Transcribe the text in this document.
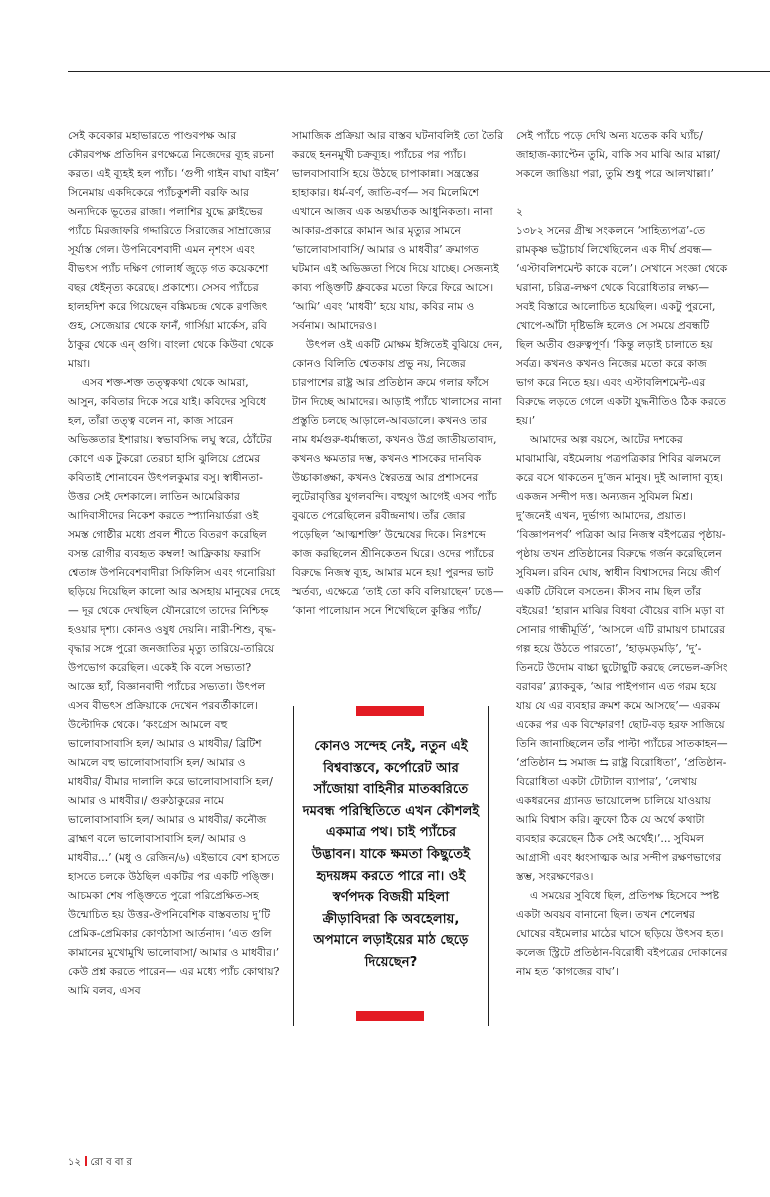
সেই কবেকার মহাভারতে পাণ্ডবপক্ষ আর কৌরবপক্ষ প্রতিদিন রণক্ষেত্রে নিজেদের ব্যূহ রচনা করত। এই ব্যূহই হল প্যাঁচ। ‘গুপী গাইন বাঘা বাইন’ সিনেমায় একদিকেরে প্যাঁচকুশলী বরফি আর অন্যদিকে ভূতের রাজা। পলাশির যুদ্ধে ক্লাইভের প্যাঁচে মিরজাফরি গদ্দারিতে সিরাজের সাম্রাজ্যের সূর্যাস্ত গেল। উপনিবেশবাদী এমন নৃশংস এবং বীভৎস প্যাঁচ দক্ষিণ গোলার্ধ জুড়ে গত কয়েকশো বছর ধেইনৃত্য করেছে। প্রকাশ্যে। সেসব প্যাঁচের হালহদিশ করে গিয়েছেন বঙ্কিমচন্দ্র থেকে রণজিৎ গুহ, সেজেয়ার থেকে ফানঁ, গার্সিয়া মার্কেস, রবি ঠাকুর থেকে এন্ গুগি। বাংলা থেকে কিউবা থেকে মায়া।

এসব শক্ত-শক্ত তত্ত্বকথা থেকে আমরা, আসুন, কবিতার দিকে সরে যাই। কবিদের সুবিধে হল, তাঁরা তত্ত্ব বলেন না, কাজ সারেন অভিজ্ঞতার ইশারায়। স্বভাবসিদ্ধ লঘু স্বরে, ঠোঁটের কোণে এক টুকরো তেরচা হাসি ঝুলিয়ে প্রেমের কবিতাই শোনাবেন উৎপলকুমার বসু। স্বাধীনতা-উত্তর সেই দেশকালে। লাতিন আমেরিকার আদিবাসীদের নিকেশ করতে স্প্যানিয়ার্ডরা ওই সমস্ত গোষ্ঠীর মধ্যে প্রবল শীতে বিতরণ করেছিল বসন্ত রোগীর ব্যবহৃত কম্বল! আফ্রিকায় ফরাসি শ্বেতাঙ্গ উপনিবেশবাদীরা সিফিলিস এবং গনোরিয়া ছড়িয়ে দিয়েছিল কালো আর অসহায় মানুষের দেহে— দূর থেকে দেখছিল যৌনরোগে তাদের নিশ্চিহ্ন হওয়ার দৃশ্য। কোনও ওষুধ দেয়নি। নারী-শিশু, বৃদ্ধ-বৃদ্ধার সঙ্গে পুরো জনজাতির মৃত্যু তারিয়ে-তারিয়ে উপভোগ করেছিল। একেই কি বলে সভ্যতা? আজ্ঞে হ্যাঁ, বিজ্ঞানবাদী প্যাঁচের সভ্যতা। উৎপল এসব বীভৎস প্রক্রিয়াকে দেখেন পরবর্তীকালে। উল্টোদিক থেকে। ‘কংগ্রেস আমলে বহু ভালোবাসাবাসি হল/ আমার ও মাধবীর/ ব্রিটিশ আমলে বহু ভালোবাসাবাসি হল/ আমার ও মাধবীর/ বীমার দালালি করে ভালোবাসাবাসি হল/ আমার ও মাধবীর।/ গুরুঠাকুরের নামে ভালোবাসাবাসি হল/ আমার ও মাধবীর/ কনৌজ ব্রাহ্মণ বলে ভালোবাসাবাসি হল/ আমার ও মাধবীর...’ (মধু ও রেজিন/৬) এইভাবে বেশ হাসতে হাসতে চলকে উঠছিল একটির পর একটি পঙ্ক্তি। আচমকা শেষ পঙ্ক্তিতে পুরো পরিপ্রেক্ষিত-সহ উন্মোচিত হয় উত্তর-ঔপনিবেশিক বাস্তবতায় দু’টি প্রেমিক-প্রেমিকার কোণঠাসা আর্তনাদ। ‘এত গুলি কামানের মুখোমুখি ভালোবাসা/ আমার ও মাধবীর।’ কেউ প্রশ্ন করতে পারেন— এর মধ্যে প্যাঁচ কোথায়? আমি বলব, এসব

সামাজিক প্রক্রিয়া আর বাস্তব ঘটনাবলিই তো তৈরি করছে হননমুখী চক্রব্যূহ। প্যাঁচের পর প্যাঁচ। ভালবাসাবাসি হয়ে উঠছে চাপাকান্না। সন্ত্রস্তের হাহাকার। ধর্ম-বর্ণ, জাতি-বর্ণ— সব মিলেমিশে এখানে আজব এক অন্তর্ঘাতক আধুনিকতা। নানা আকার-প্রকারে কামান আর মৃত্যুর সামনে ‘ভালোবাসাবাসি/ আমার ও মাধবীর’ ক্রমাগত ঘটমান এই অভিজ্ঞতা পিষে দিয়ে যাচ্ছে। সেজন্যই কাব্য পঙ্ক্তিটি ধ্রুবকের মতো ফিরে ফিরে আসে। ‘আমি’ এবং ‘মাধবী’ হয়ে যায়, কবির নাম ও সর্বনাম। আমাদেরও।

উৎপল ওই একটি মোক্ষম ইঙ্গিতেই বুঝিয়ে দেন, কোনও বিলিতি শ্বেতকায় প্রভু নয়, নিজের চারপাশের রাষ্ট্র আর প্রতিষ্ঠান ক্রমে গলার ফাঁসে টান দিচ্ছে আমাদের। আড়াই প্যাঁচে খালাসের নানা প্রস্তুতি চলছে আড়ালে-আবডালে। কখনও তার নাম ধর্মগুরু-ধর্মান্ধতা, কখনও উগ্র জাতীয়তাবাদ, কখনও ক্ষমতার দম্ভ, কখনও শাসকের দানবিক উচ্চাকাঙ্ক্ষা, কখনও স্বৈরতন্ত্র আর প্রশাসনের লুটেরাবৃত্তির যুগলবন্দি। বহুযুগ আগেই এসব প্যাঁচ বুঝতে পেরেছিলেন রবীন্দ্রনাথ। তাঁর জোর পড়েছিল ‘আত্মশক্তি’ উন্মেষের দিকে। নিঃশব্দে কাজ করছিলেন শ্রীনিকেতন ঘিরে। ওদের প্যাঁচের বিরুদ্ধে নিজস্ব ব্যূহ, আমার মনে হয়! পুরন্দর ভাট স্মর্তব্য, এক্ষেত্রে ‘তাই তো কবি বলিয়াছেন’ ঢঙে— ‘কানা পালোয়ান সনে শিখেছিলে কুস্তির প্যাঁচ/

কোনও সন্দেহ নেই, নতুন এই বিশ্ববাস্তবে, কর্পোরেট আর সাঁজোয়া বাহিনীর মাতব্বরিতে দমবন্ধ পরিস্থিতিতে এখন কৌশলই একমাত্র পথ। চাই প্যাঁচের উদ্ভাবন। যাকে ক্ষমতা কিছুতেই হৃদয়ঙ্গম করতে পারে না। ওই স্বর্ণপদক বিজয়ী মহিলা ক্রীড়াবিদরা কি অবহেলায়, অপমানে লড়াইয়ের মাঠ ছেড়ে দিয়েছেন?

সেই প্যাঁচে পড়ে দেখি অন্য যতেক কবি ঘ্যাঁচ/ জাহাজ-ক্যাপ্টেন তুমি, বাকি সব মাঝি আর মাল্লা/ সকলে জাঙিয়া পরা, তুমি শুধু পরে আলখাল্লা।’

২

১৩৮২ সনের গ্রীষ্ম সংকলনে ‘সাহিত্যপত্র’-তে রামকৃষ্ণ ভট্টাচার্য লিখেছিলেন এক দীর্ঘ প্রবন্ধ— ‘এস্টাবলিশমেন্ট কাকে বলে’। সেখানে সংজ্ঞা থেকে ঘরানা, চরিত্র-লক্ষণ থেকে বিরোধিতার লক্ষ্য— সবই বিস্তারে আলোচিত হয়েছিল। একটু পুরনো, খোপে-আঁটা দৃষ্টিভঙ্গি হলেও সে সময়ে প্রবন্ধটি ছিল অতীব গুরুত্বপূর্ণ। ‘কিন্তু লড়াই চালাতে হয় সর্বত্র। কখনও কখনও নিজের মতো করে কাজ ভাগ করে নিতে হয়। এবং এস্টাবলিশমেন্ট-এর বিরুদ্ধে লড়তে গেলে একটা যুদ্ধনীতিও ঠিক করতে হয়।’

আমাদের অল্প বয়সে, আটের দশকের মাঝামাঝি, বইমেলায় পত্রপত্রিকার শিবির ঝলমলে করে বসে থাকতেন দু’জন মানুষ। দুই আলাদা ব্যূহ। একজন সন্দীপ দত্ত। অন্যজন সুবিমল মিশ্র। দু’জনেই এখন, দুর্ভাগ্য আমাদের, প্রয়াত। ‘বিজ্ঞাপনপর্ব’ পত্রিকা আর নিজস্ব বইপত্রের পৃষ্ঠায়-পৃষ্ঠায় তখন প্রতিষ্ঠানের বিরুদ্ধে গর্জন করেছিলেন সুবিমল। রবিন ঘোষ, স্বাধীন বিশ্বাসদের নিয়ে জীর্ণ একটি টেবিলে বসতেন। কীসব নাম ছিল তাঁর বইয়ের! ‘হারান মাঝির বিধবা বৌয়ের বাসি মড়া বা সোনার গান্ধীমূর্তি’, ‘আসলে এটি রামায়ণ চামারের গল্প হয়ে উঠতে পারতো’, ‘হাড়মড়মড়ি’, ‘দু’-তিনটে উদোম বাচ্চা ছুটোছুটি করছে লেভেল-ক্রসিং বরাবর’ ব্ল্যাকবুক, ‘আর পাইপগান এত গরম হয়ে যায় যে এর ব্যবহার ক্রমশ কমে আসছে’— এরকম একের পর এক বিস্ফোরণ! ছোট-বড় হরফ সাজিয়ে তিনি জানাচ্ছিলেন তাঁর পাল্টা প্যাঁচের সাতকাহন— ‘প্রতিষ্ঠান ⇆ সমাজ ⇆ রাষ্ট্র বিরোধিতা’, ‘প্রতিষ্ঠান-বিরোধিতা একটা টোট্যাল ব্যাপার’, ‘লেখায় একধরনের গ্র্যানড ভায়োলেন্স চালিয়ে যাওয়ায় আমি বিশ্বাস করি। ক্রুফো ঠিক যে অর্থে কথাটা ব্যবহার করেছেন ঠিক সেই অর্থেই।’... সুবিমল আগ্রাসী এবং ধ্বংসাত্মক আর সন্দীপ রক্ষণভাগের স্তম্ভ, সংরক্ষণেরও।

এ সময়ের সুবিধে ছিল, প্রতিপক্ষ হিসেবে স্পষ্ট একটা অবয়ব বানানো ছিল। তখন শেলেশ্বর ঘোষের বইমেলার মাঠের ঘাসে ছড়িয়ে উৎসব হত। কলেজ স্ট্রিটে প্রতিষ্ঠান-বিরোধী বইপত্রের দোকানের নাম হত ‘কাগজের বাঘ’।

১২ রো ব বা র
